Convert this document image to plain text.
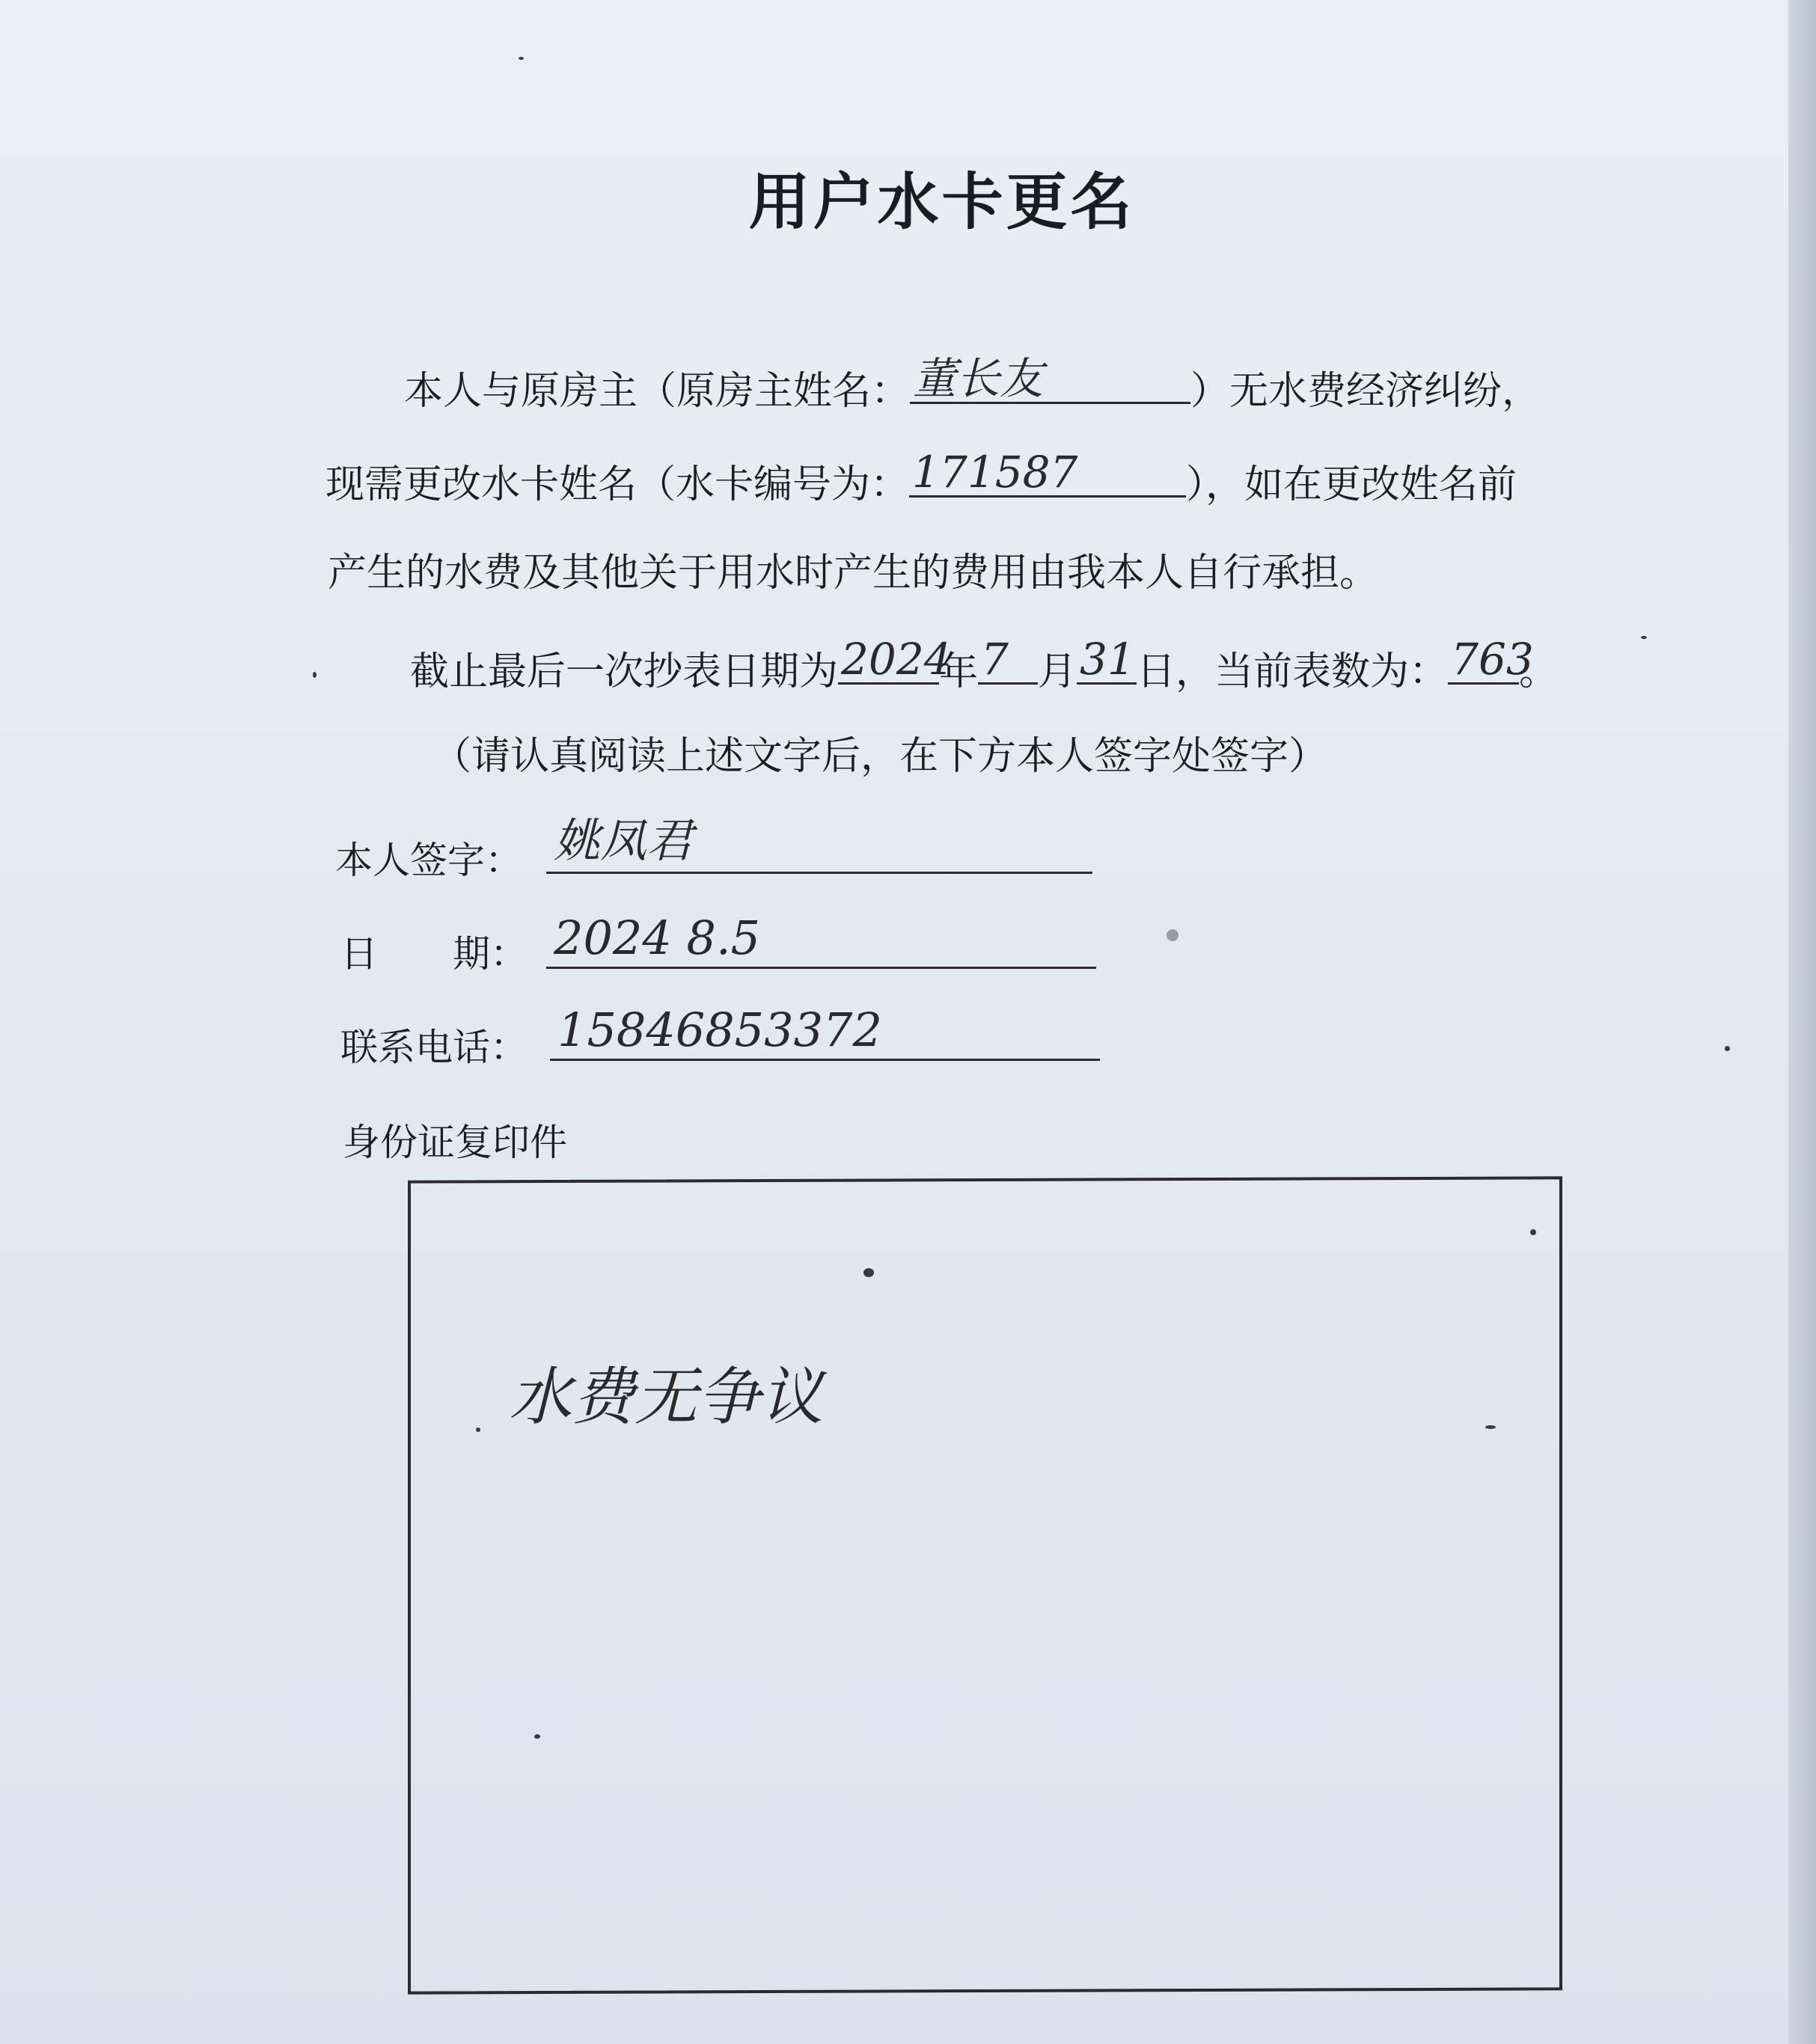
用户水卡更名
本人与原房主（原房主姓名： 董长友	）无水费经济纠纷，
现需更改水卡姓名（水卡编号为： 171587	），如在更改姓名前
产生的水费及其他关于用水时产生的费用由我本人自行承担。
截止最后一次抄表日期为 2024
年 7 月 31 日，当前表数为： 763
。
（请认真阅读上述文字后，在下方本人签字处签字）
本人签字： 姚凤君
日　　期： 2024 8.5
联系电话： 15846853372
身份证复印件
水费无争议
